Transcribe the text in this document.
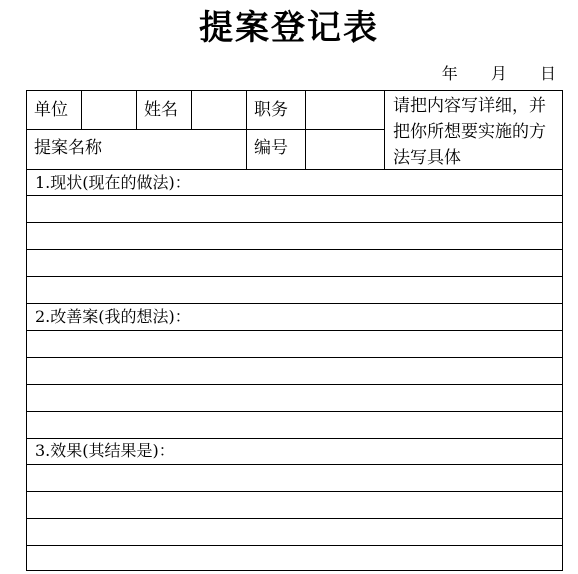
提案登记表
年 月 日
单位	姓名	职务
提案名称	编号
请把内容写详细，并把你所想要实施的方法写具体
1.现状(现在的做法)：
2.改善案(我的想法)：
3.效果(其结果是)：
